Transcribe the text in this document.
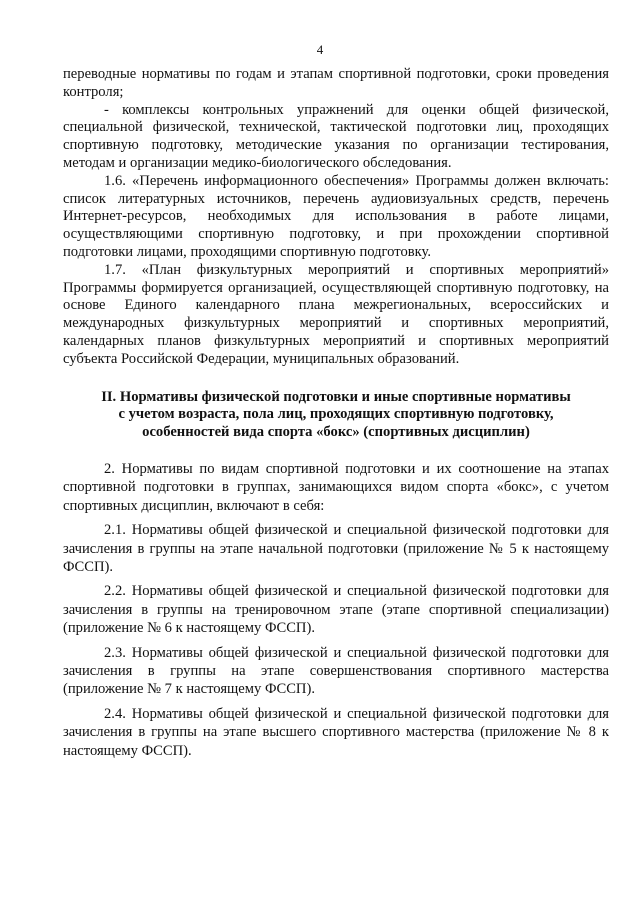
4

переводные нормативы по годам и этапам спортивной подготовки, сроки проведения контроля;

- комплексы контрольных упражнений для оценки общей физической, специальной физической, технической, тактической подготовки лиц, проходящих спортивную подготовку, методические указания по организации тестирования, методам и организации медико-биологического обследования.

1.6. «Перечень информационного обеспечения» Программы должен включать: список литературных источников, перечень аудиовизуальных средств, перечень Интернет-ресурсов, необходимых для использования в работе лицами, осуществляющими спортивную подготовку, и при прохождении спортивной подготовки лицами, проходящими спортивную подготовку.

1.7. «План физкультурных мероприятий и спортивных мероприятий» Программы формируется организацией, осуществляющей спортивную подготовку, на основе Единого календарного плана межрегиональных, всероссийских и международных физкультурных мероприятий и спортивных мероприятий, календарных планов физкультурных мероприятий и спортивных мероприятий субъекта Российской Федерации, муниципальных образований.

II. Нормативы физической подготовки и иные спортивные нормативы
с учетом возраста, пола лиц, проходящих спортивную подготовку,
особенностей вида спорта «бокс» (спортивных дисциплин)

2. Нормативы по видам спортивной подготовки и их соотношение на этапах спортивной подготовки в группах, занимающихся видом спорта «бокс», с учетом спортивных дисциплин, включают в себя:

2.1. Нормативы общей физической и специальной физической подготовки для зачисления в группы на этапе начальной подготовки (приложение № 5 к настоящему ФССП).

2.2. Нормативы общей физической и специальной физической подготовки для зачисления в группы на тренировочном этапе (этапе спортивной специализации) (приложение № 6 к настоящему ФССП).

2.3. Нормативы общей физической и специальной физической подготовки для зачисления в группы на этапе совершенствования спортивного мастерства (приложение № 7 к настоящему ФССП).

2.4. Нормативы общей физической и специальной физической подготовки для зачисления в группы на этапе высшего спортивного мастерства (приложение № 8 к настоящему ФССП).
